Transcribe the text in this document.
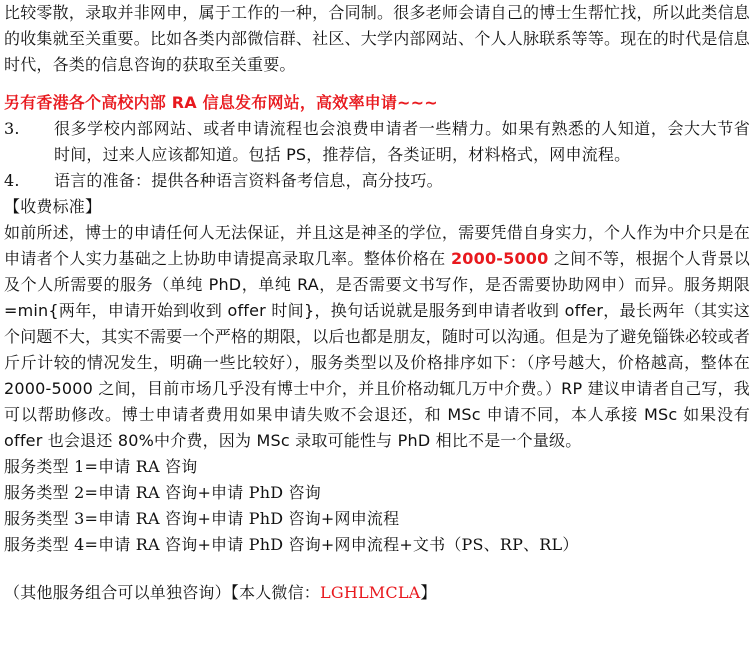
比较零散，录取并非网申，属于工作的一种，合同制。很多老师会请自己的博士生帮忙找，所以此类信息的收集就至关重要。比如各类内部微信群、社区、大学内部网站、个人人脉联系等等。现在的时代是信息时代，各类的信息咨询的获取至关重要。

另有香港各个高校内部 RA 信息发布网站，高效率申请~~~

3.	很多学校内部网站、或者申请流程也会浪费申请者一些精力。如果有熟悉的人知道，会大大节省时间，过来人应该都知道。包括 PS，推荐信，各类证明，材料格式，网申流程。

4.	语言的准备：提供各种语言资料备考信息，高分技巧。

【收费标准】

如前所述，博士的申请任何人无法保证，并且这是神圣的学位，需要凭借自身实力，个人作为中介只是在申请者个人实力基础之上协助申请提高录取几率。整体价格在 2000-5000 之间不等，根据个人背景以及个人所需要的服务（单纯 PhD，单纯 RA，是否需要文书写作，是否需要协助网申）而异。服务期限=min{两年，申请开始到收到 offer 时间}，换句话说就是服务到申请者收到 offer，最长两年（其实这个问题不大，其实不需要一个严格的期限，以后也都是朋友，随时可以沟通。但是为了避免锱铢必较或者斤斤计较的情况发生，明确一些比较好），服务类型以及价格排序如下：（序号越大，价格越高，整体在 2000-5000 之间，目前市场几乎没有博士中介，并且价格动辄几万中介费。）RP 建议申请者自己写，我可以帮助修改。博士申请者费用如果申请失败不会退还，和 MSc 申请不同，本人承接 MSc 如果没有 offer 也会退还 80%中介费，因为 MSc 录取可能性与 PhD 相比不是一个量级。

服务类型 1=申请 RA 咨询

服务类型 2=申请 RA 咨询+申请 PhD 咨询

服务类型 3=申请 RA 咨询+申请 PhD 咨询+网申流程

服务类型 4=申请 RA 咨询+申请 PhD 咨询+网申流程+文书（PS、RP、RL）

（其他服务组合可以单独咨询）【本人微信：LGHLMCLA】
